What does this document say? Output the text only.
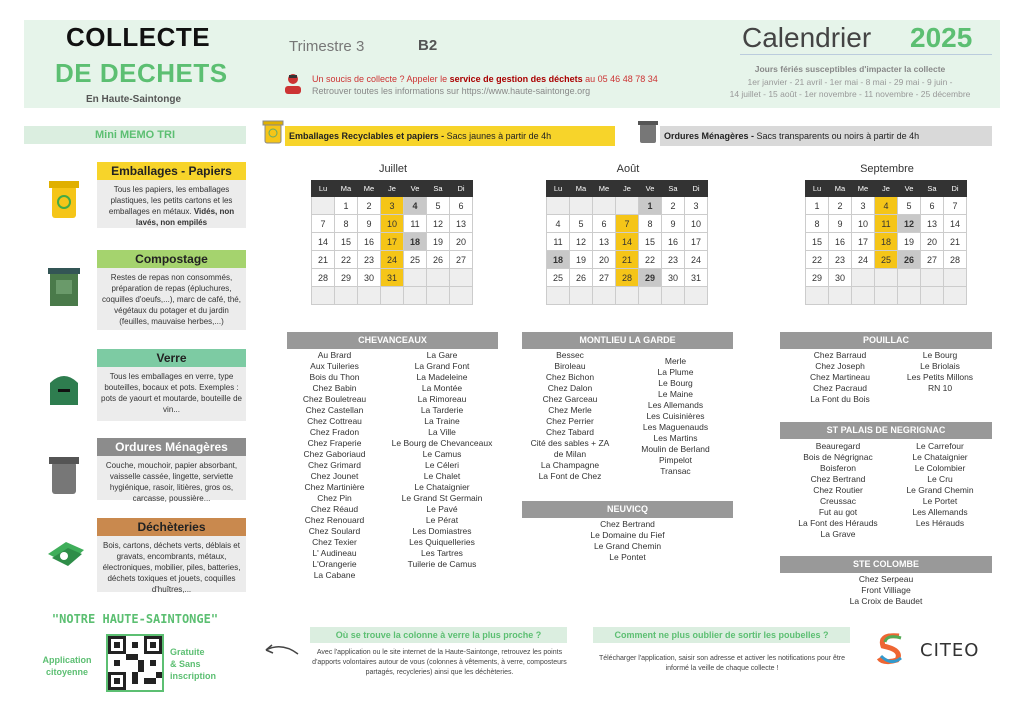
COLLECTE
DE DECHETS
En Haute-Saintonge
Trimestre 3	B2	Calendrier 2025
Un soucis de collecte ? Appeler le service de gestion des déchets au 05 46 48 78 34
Retrouver toutes les informations sur https://www.haute-saintonge.org
Jours fériés susceptibles d'impacter la collecte
1er janvier - 21 avril - 1er mai - 8 mai - 29 mai - 9 juin -
14 juillet - 15 août - 1er novembre - 11 novembre - 25 décembre
Mini MEMO TRI
Emballages - Papiers
Tous les papiers, les emballages plastiques, les petits cartons et les emballages en métaux. Vidés, non lavés, non empilés
Compostage
Restes de repas non consommés, préparation de repas (épluchures, coquilles d'oeufs,...), marc de café, thé, végétaux du potager et du jardin (feuilles, mauvaise herbes,...)
Verre
Tous les emballages en verre, type bouteilles, bocaux et pots. Exemples : pots de yaourt et moutarde, bouteille de vin...
Ordures Ménagères
Couche, mouchoir, papier absorbant, vaisselle cassée, lingette, serviette hygiénique, rasoir, litières, gros os, carcasse, poussière...
Déchèteries
Bois, cartons, déchets verts, déblais et gravats, encombrants, métaux, électroniques, mobilier, piles, batteries, déchets toxiques et jouets, coquilles d'huîtres,...
Emballages Recyclables et papiers - Sacs jaunes à partir de 4h	Ordures Ménagères - Sacs transparents ou noirs à partir de 4h
Juillet
Lu	Ma	Me	Je	Ve	Sa	Di
	1	2	3	4	5	6
7	8	9	10	11	12	13
14	15	16	17	18	19	20
21	22	23	24	25	26	27
28	29	30	31			

Août
Lu	Ma	Me	Je	Ve	Sa	Di
				1	2	3
4	5	6	7	8	9	10
11	12	13	14	15	16	17
18	19	20	21	22	23	24
25	26	27	28	29	30	31

Septembre
Lu	Ma	Me	Je	Ve	Sa	Di
1	2	3	4	5	6	7
8	9	10	11	12	13	14
15	16	17	18	19	20	21
22	23	24	25	26	27	28
29	30					

CHEVANCEAUX
Au Brard
Aux Tuileries
Bois du Thon
Chez Babin
Chez Bouletreau
Chez Castellan
Chez Cottreau
Chez Fradon
Chez Fraperie
Chez Gaboriaud
Chez Grimard
Chez Jounet
Chez Martinière
Chez Pin
Chez Réaud
Chez Renouard
Chez Soulard
Chez Texier
L' Audineau
L'Orangerie
La Cabane
La Gare
La Grand Font
La Madeleine
La Montée
La Rimoreau
La Tarderie
La Traine
La Ville
Le Bourg de Chevanceaux
Le Camus
Le Céleri
Le Chalet
Le Chataignier
Le Grand St Germain
Le Pavé
Le Pérat
Les Domiastres
Les Quiquelleries
Les Tartres
Tuilerie de Camus
MONTLIEU LA GARDE
Bessec
Biroleau
Chez Bichon
Chez Dalon
Chez Garceau
Chez Merle
Chez Perrier
Chez Tabard
Cité des sables + ZA
de Milan
La Champagne
La Font de Chez
Merle
La Plume
Le Bourg
Le Maine
Les Allemands
Les Cuisinières
Les Maguenauds
Les Martins
Moulin de Berland
Pimpelot
Transac
NEUVICQ
Chez Bertrand
Le Domaine du Fief
Le Grand Chemin
Le Pontet
POUILLAC
Chez Barraud
Chez Joseph
Chez Martineau
Chez Pacraud
La Font du Bois
Le Bourg
Le Briolais
Les Petits Millons
RN 10
ST PALAIS DE NEGRIGNAC
Beauregard
Bois de Négrignac
Boisferon
Chez Bertrand
Chez Routier
Creussac
Fut au got
La Font des Hérauds
La Grave
Le Carrefour
Le Chataignier
Le Colombier
Le Cru
Le Grand Chemin
Le Portet
Les Allemands
Les Hérauds
STE COLOMBE
Chez Serpeau
Front Villiage
La Croix de Baudet
"NOTRE HAUTE-SAINTONGE"
Application
citoyenne
Gratuite
& Sans
inscription
Où se trouve la colonne à verre la plus proche ?
Avec l'application ou le site internet de la Haute-Saintonge, retrouvez les points d'apports volontaires autour de vous (colonnes à vêtements, à verre, composteurs partagés, recycleries) ainsi que les déchèteries.
Comment ne plus oublier de sortir les poubelles ?
Télécharger l'application, saisir son adresse et activer les notifications pour être informé la veille de chaque collecte !
CITEO
